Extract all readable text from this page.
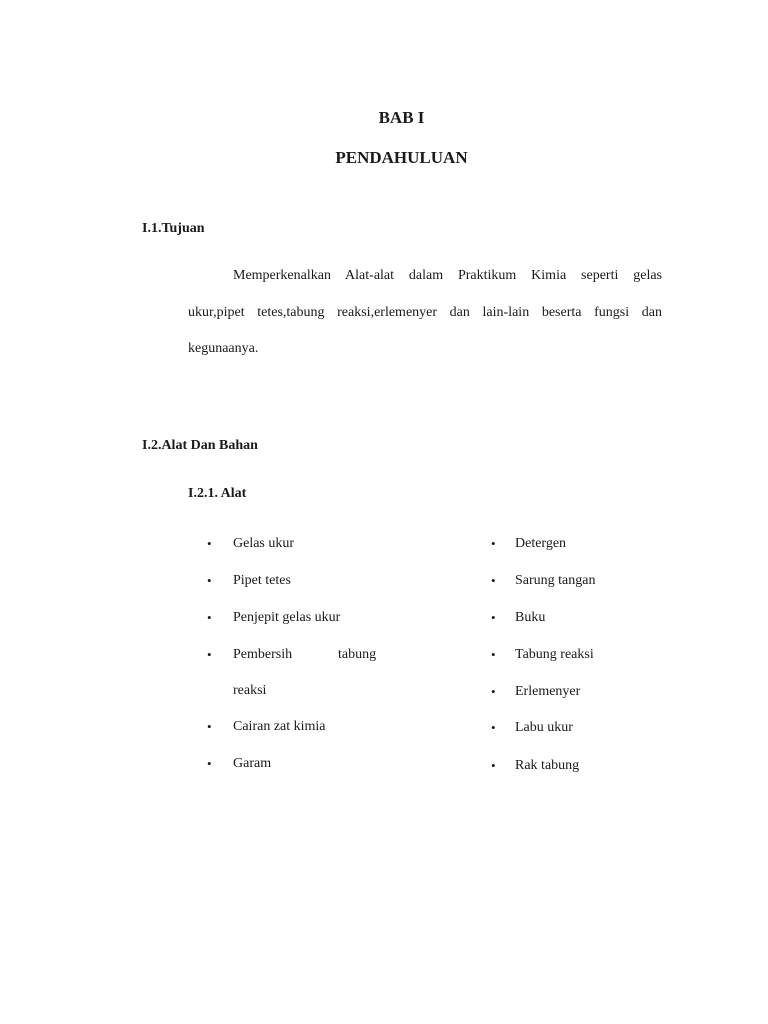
BAB I
PENDAHULUAN
I.1.Tujuan
Memperkenalkan Alat-alat dalam Praktikum Kimia seperti gelas
ukur,pipet tetes,tabung reaksi,erlemenyer dan lain-lain beserta fungsi dan
kegunaanya.
I.2.Alat Dan Bahan
I.2.1. Alat
• Gelas ukur
• Pipet tetes
• Penjepit gelas ukur
• Pembersih	tabung
reaksi
• Cairan zat kimia
• Garam
• Detergen
• Sarung tangan
• Buku
• Tabung reaksi
• Erlemenyer
• Labu ukur
• Rak tabung
